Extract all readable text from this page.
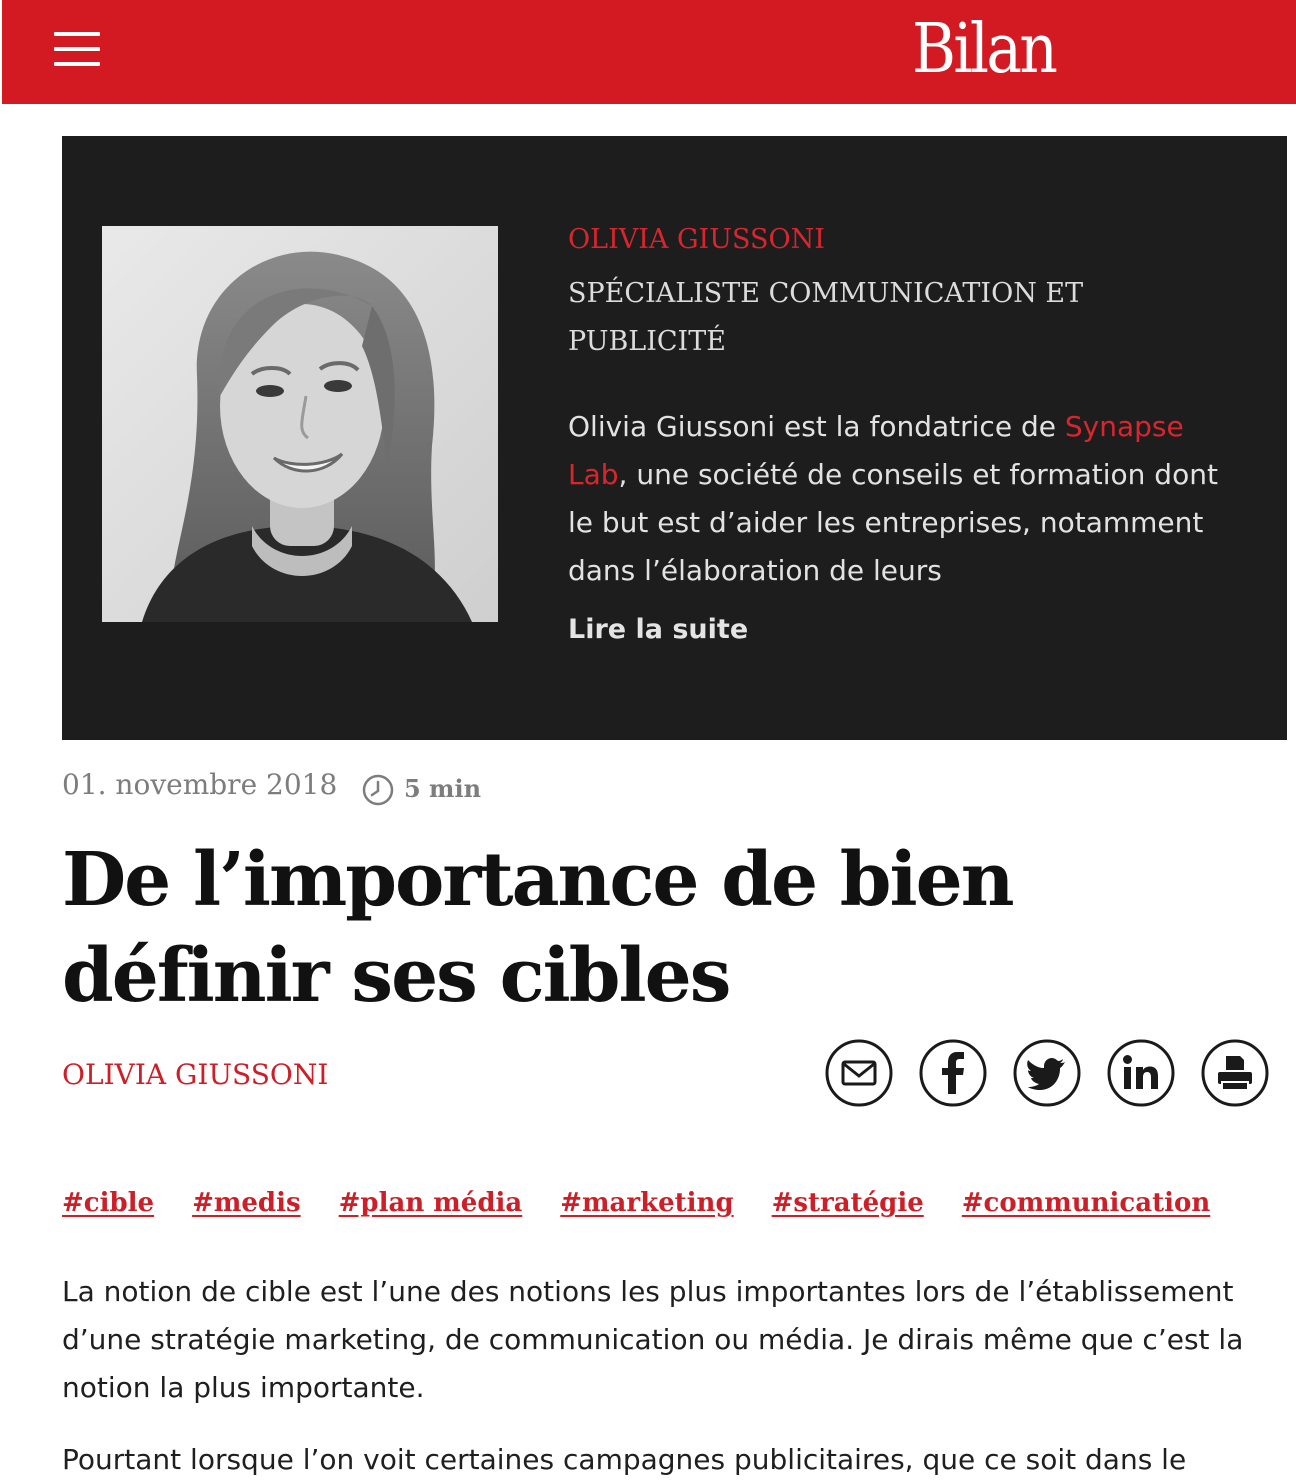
Bilan
OLIVIA GIUSSONI
SPÉCIALISTE COMMUNICATION ET PUBLICITÉ
Olivia Giussoni est la fondatrice de Synapse Lab, une société de conseils et formation dont le but est d’aider les entreprises, notamment dans l’élaboration de leurs
Lire la suite
01. novembre 2018	5 min
De l’importance de bien définir ses cibles
OLIVIA GIUSSONI
#cible #medis #plan média #marketing #stratégie #communication

La notion de cible est l’une des notions les plus importantes lors de l’établissement d’une stratégie marketing, de communication ou média. Je dirais même que c’est la notion la plus importante.

Pourtant lorsque l’on voit certaines campagnes publicitaires, que ce soit dans le
